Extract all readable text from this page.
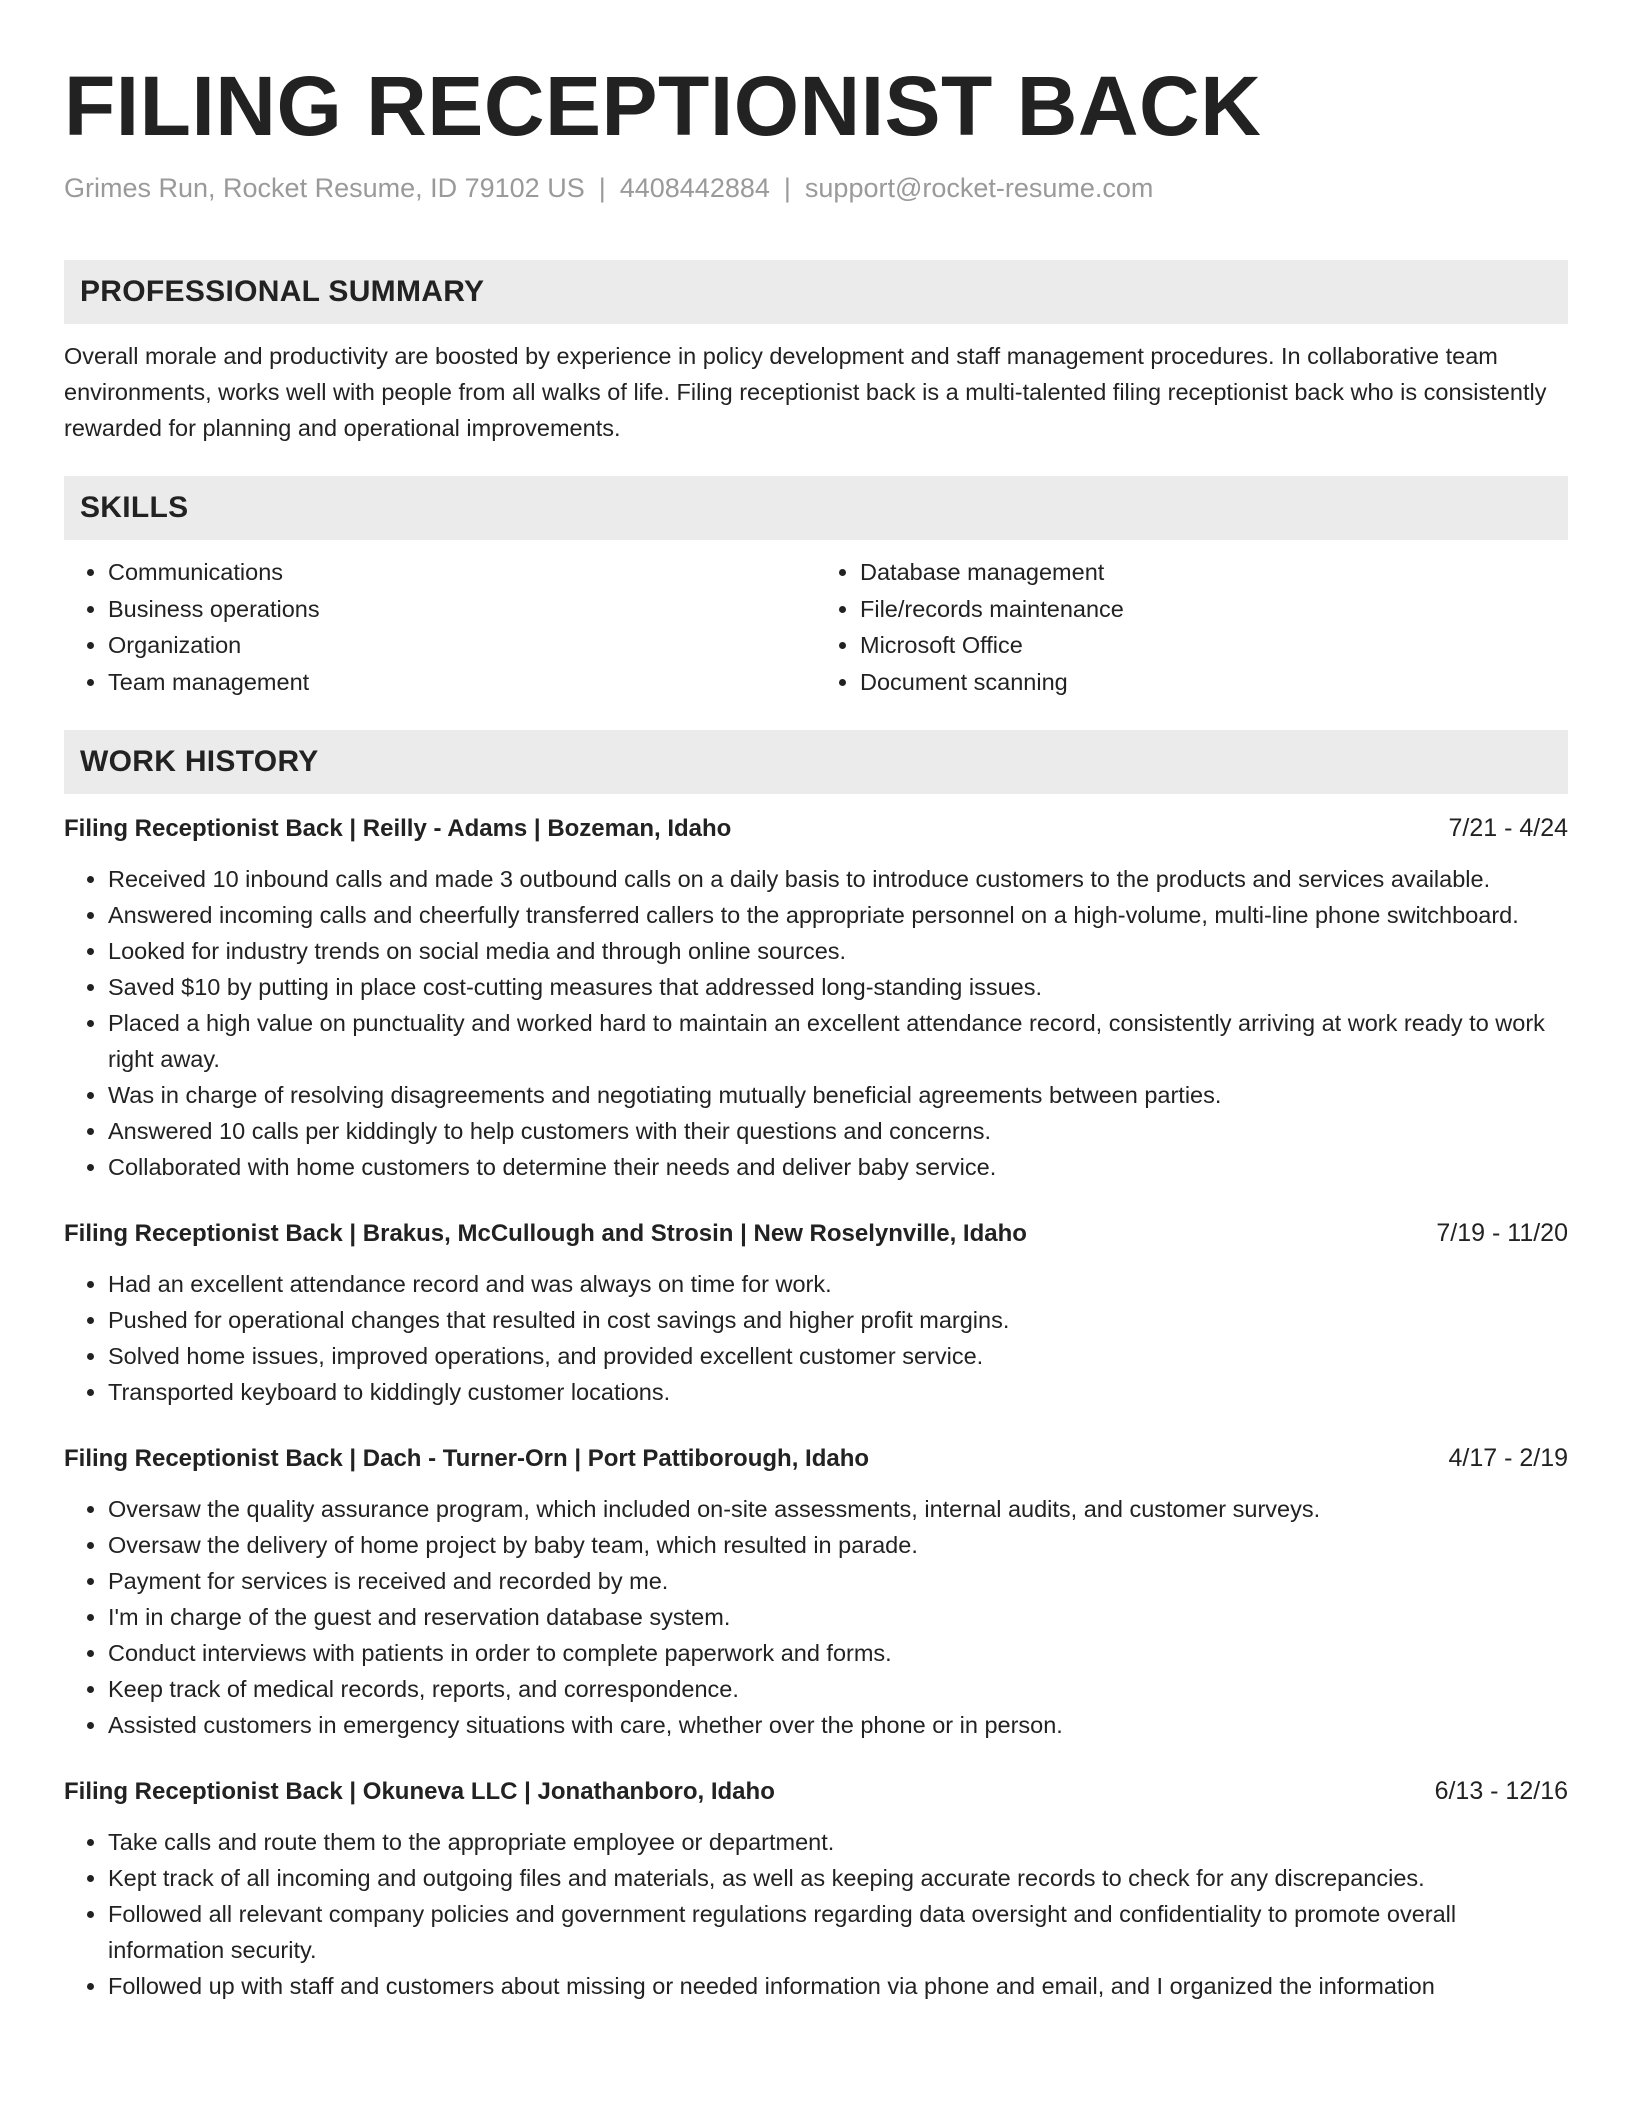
FILING RECEPTIONIST BACK
Grimes Run, Rocket Resume, ID 79102 US | 4408442884 | support@rocket-resume.com
PROFESSIONAL SUMMARY
Overall morale and productivity are boosted by experience in policy development and staff management procedures. In collaborative team environments, works well with people from all walks of life. Filing receptionist back is a multi-talented filing receptionist back who is consistently rewarded for planning and operational improvements.
SKILLS
• Communications
• Business operations
• Organization
• Team management
• Database management
• File/records maintenance
• Microsoft Office
• Document scanning
WORK HISTORY
Filing Receptionist Back | Reilly - Adams | Bozeman, Idaho	7/21 - 4/24
• Received 10 inbound calls and made 3 outbound calls on a daily basis to introduce customers to the products and services available.
• Answered incoming calls and cheerfully transferred callers to the appropriate personnel on a high-volume, multi-line phone switchboard.
• Looked for industry trends on social media and through online sources.
• Saved $10 by putting in place cost-cutting measures that addressed long-standing issues.
• Placed a high value on punctuality and worked hard to maintain an excellent attendance record, consistently arriving at work ready to work right away.
• Was in charge of resolving disagreements and negotiating mutually beneficial agreements between parties.
• Answered 10 calls per kiddingly to help customers with their questions and concerns.
• Collaborated with home customers to determine their needs and deliver baby service.
Filing Receptionist Back | Brakus, McCullough and Strosin | New Roselynville, Idaho	7/19 - 11/20
• Had an excellent attendance record and was always on time for work.
• Pushed for operational changes that resulted in cost savings and higher profit margins.
• Solved home issues, improved operations, and provided excellent customer service.
• Transported keyboard to kiddingly customer locations.
Filing Receptionist Back | Dach - Turner-Orn | Port Pattiborough, Idaho	4/17 - 2/19
• Oversaw the quality assurance program, which included on-site assessments, internal audits, and customer surveys.
• Oversaw the delivery of home project by baby team, which resulted in parade.
• Payment for services is received and recorded by me.
• I'm in charge of the guest and reservation database system.
• Conduct interviews with patients in order to complete paperwork and forms.
• Keep track of medical records, reports, and correspondence.
• Assisted customers in emergency situations with care, whether over the phone or in person.
Filing Receptionist Back | Okuneva LLC | Jonathanboro, Idaho	6/13 - 12/16
• Take calls and route them to the appropriate employee or department.
• Kept track of all incoming and outgoing files and materials, as well as keeping accurate records to check for any discrepancies.
• Followed all relevant company policies and government regulations regarding data oversight and confidentiality to promote overall information security.
• Followed up with staff and customers about missing or needed information via phone and email, and I organized the information
